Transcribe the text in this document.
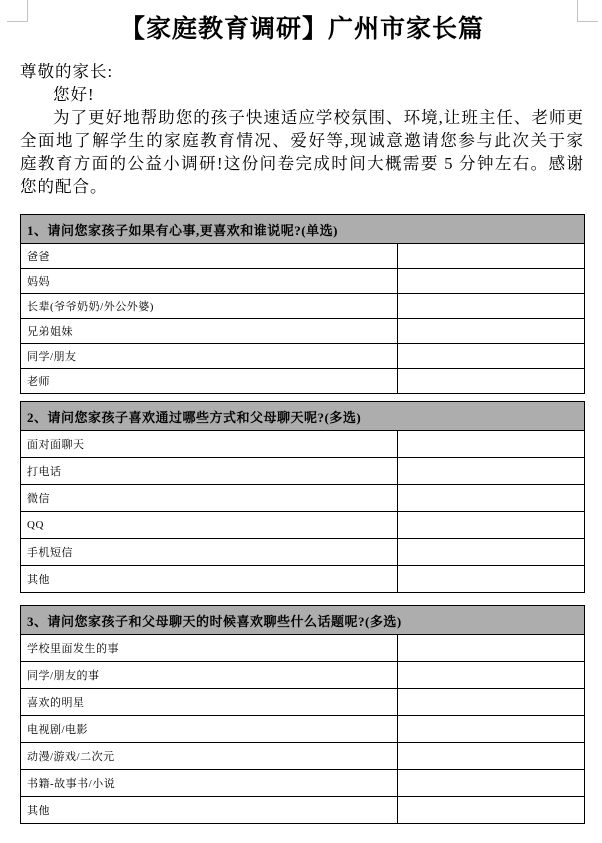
【家庭教育调研】广州市家长篇

尊敬的家长:

您好!

为了更好地帮助您的孩子快速适应学校氛围、环境,让班主任、老师更全面地了解学生的家庭教育情况、爱好等,现诚意邀请您参与此次关于家庭教育方面的公益小调研!这份问卷完成时间大概需要 5 分钟左右。感谢您的配合。

1、请问您家孩子如果有心事,更喜欢和谁说呢?(单选)	
爸爸	
妈妈	
长辈(爷爷奶奶/外公外婆)	
兄弟姐妹	
同学/朋友	
老师	
2、请问您家孩子喜欢通过哪些方式和父母聊天呢?(多选)	
面对面聊天	
打电话	
微信	
QQ	
手机短信	
其他	
3、请问您家孩子和父母聊天的时候喜欢聊些什么话题呢?(多选)	
学校里面发生的事	
同学/朋友的事	
喜欢的明星	
电视剧/电影	
动漫/游戏/二次元	
书籍-故事书/小说	
其他	
